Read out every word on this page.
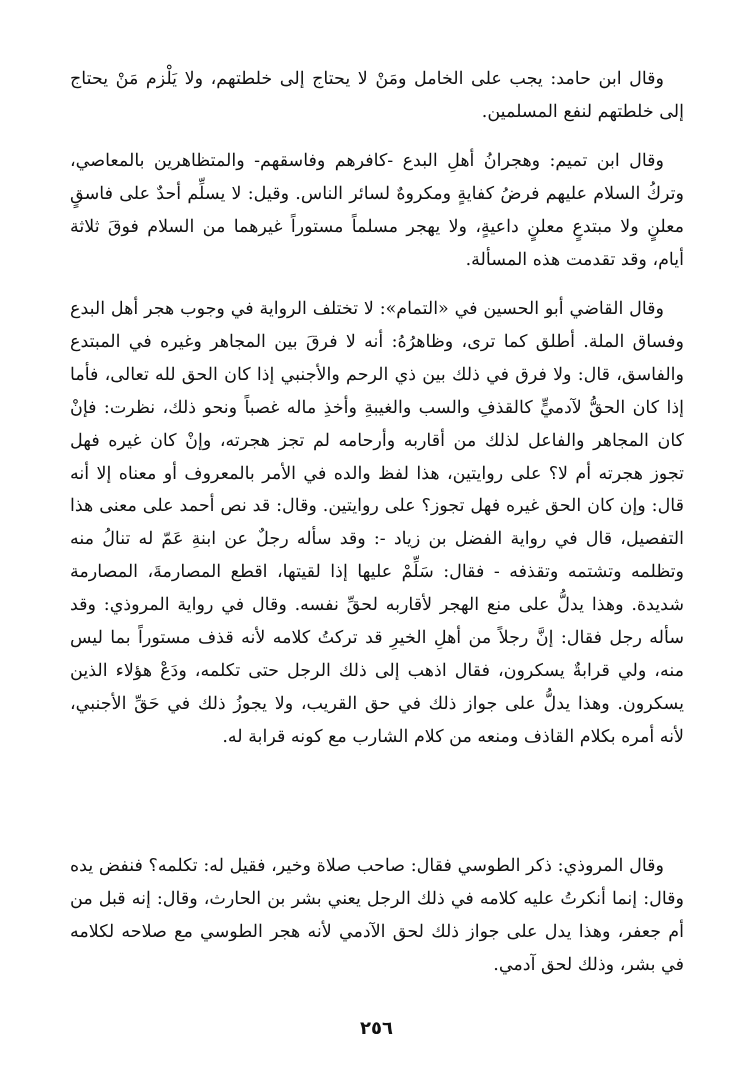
وقال ابن حامد: يجب على الخامل ومَنْ لا يحتاج إلى خلطتهم، ولا يَلْزم مَنْ يحتاج إلى خلطتهم لنفع المسلمين.

وقال ابن تميم: وهجرانُ أهلِ البدع -كافرهم وفاسقهم- والمتظاهرين بالمعاصي، وتركُ السلام عليهم فرضُ كفايةٍ ومكروهٌ لسائر الناس. وقيل: لا يسلِّم أحدٌ على فاسقٍ معلنٍ ولا مبتدعٍ معلنٍ داعيةٍ، ولا يهجر مسلماً مستوراً غيرهما من السلام فوقَ ثلاثة أيام، وقد تقدمت هذه المسألة.

وقال القاضي أبو الحسين في «التمام»: لا تختلف الرواية في وجوب هجر أهل البدع وفساق الملة. أطلق كما ترى، وظاهرُهُ: أنه لا فرقَ بين المجاهر وغيره في المبتدع والفاسق، قال: ولا فرق في ذلك بين ذي الرحم والأجنبي إذا كان الحق لله تعالى، فأما إذا كان الحقُّ لآدميٍّ كالقذفِ والسب والغيبةِ وأخذِ ماله غصباً ونحو ذلك، نظرت: فإنْ كان المجاهر والفاعل لذلك من أقاربه وأرحامه لم تجز هجرته، وإنْ كان غيره فهل تجوز هجرته أم لا؟ على روايتين، هذا لفظ والده في الأمر بالمعروف أو معناه إلا أنه قال: وإن كان الحق غيره فهل تجوز؟ على روايتين. وقال: قد نص أحمد على معنى هذا التفصيل، قال في رواية الفضل بن زياد -: وقد سأله رجلٌ عن ابنةِ عَمّ له تنالُ منه وتظلمه وتشتمه وتقذفه - فقال: سَلِّمْ عليها إذا لقيتها، اقطع المصارمةَ، المصارمة شديدة. وهذا يدلُّ على منع الهجر لأقاربه لحقِّ نفسه. وقال في رواية المروذي: وقد سأله رجل فقال: إنَّ رجلاً من أهلِ الخيرِ قد تركتُ كلامه لأنه قذف مستوراً بما ليس منه، ولي قرابةٌ يسكرون، فقال اذهب إلى ذلك الرجل حتى تكلمه، ودَعْ هؤلاء الذين يسكرون. وهذا يدلُّ على جواز ذلك في حق القريب، ولا يجوزُ ذلك في حَقِّ الأجنبي، لأنه أمره بكلام القاذف ومنعه من كلام الشارب مع كونه قرابة له.

وقال المروذي: ذكر الطوسي فقال: صاحب صلاة وخير، فقيل له: تكلمه؟ فنفض يده وقال: إنما أنكرتُ عليه كلامه في ذلك الرجل يعني بشر بن الحارث، وقال: إنه قبل من أم جعفر، وهذا يدل على جواز ذلك لحق الآدمي لأنه هجر الطوسي مع صلاحه لكلامه في بشر، وذلك لحق آدمي.

٢٥٦
